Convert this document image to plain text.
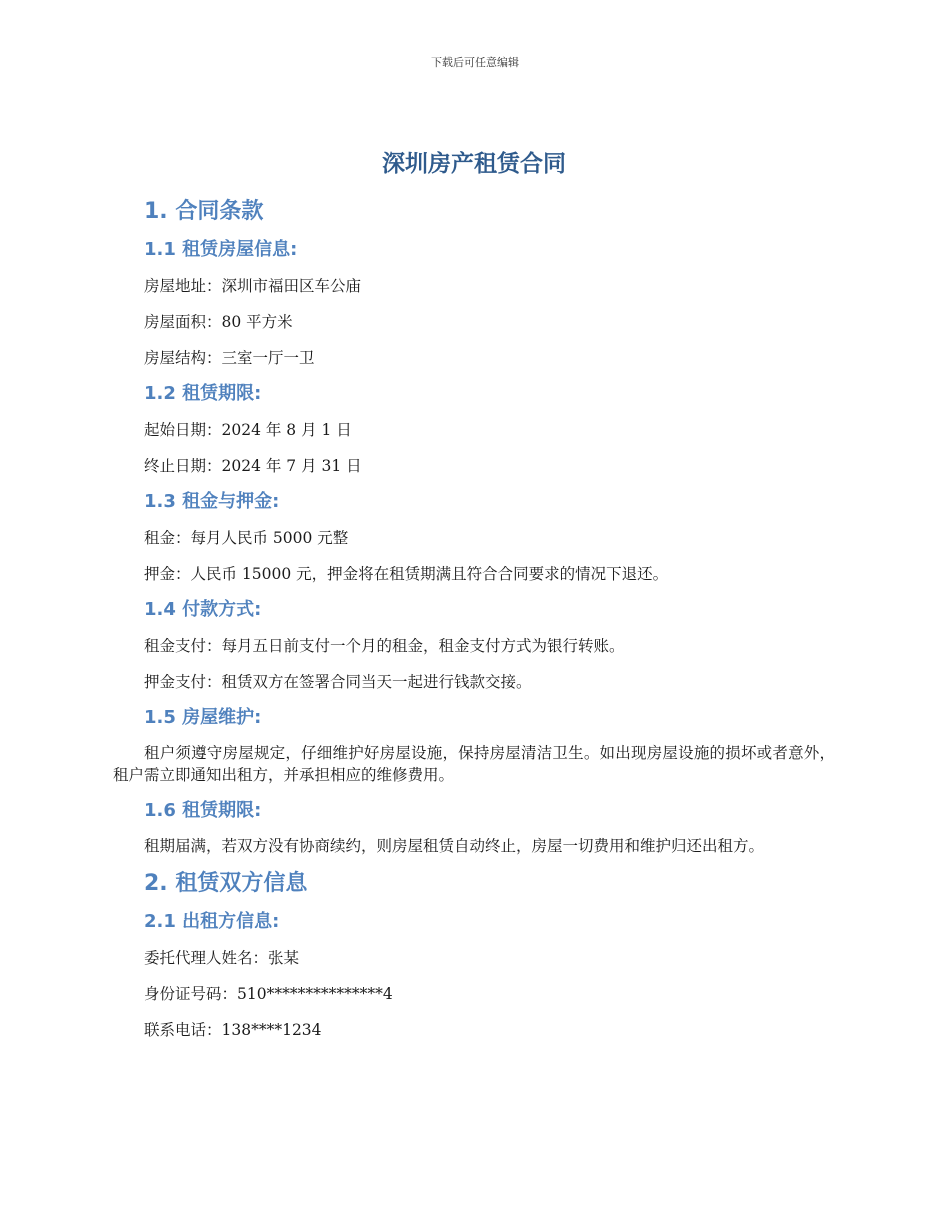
下载后可任意编辑
深圳房产租赁合同
1. 合同条款
1.1 租赁房屋信息:
房屋地址：深圳市福田区车公庙
房屋面积：80 平方米
房屋结构：三室一厅一卫
1.2 租赁期限:
起始日期：2024 年 8 月 1 日
终止日期：2024 年 7 月 31 日
1.3 租金与押金:
租金：每月人民币 5000 元整
押金：人民币 15000 元，押金将在租赁期满且符合合同要求的情况下退还。
1.4 付款方式:
租金支付：每月五日前支付一个月的租金，租金支付方式为银行转账。
押金支付：租赁双方在签署合同当天一起进行钱款交接。
1.5 房屋维护:
租户须遵守房屋规定，仔细维护好房屋设施，保持房屋清洁卫生。如出现房屋设施的损坏或者意外，租户需立即通知出租方，并承担相应的维修费用。
1.6 租赁期限:
租期届满，若双方没有协商续约，则房屋租赁自动终止，房屋一切费用和维护归还出租方。
2. 租赁双方信息
2.1 出租方信息:
委托代理人姓名：张某
身份证号码：510***************4
联系电话：138****1234
